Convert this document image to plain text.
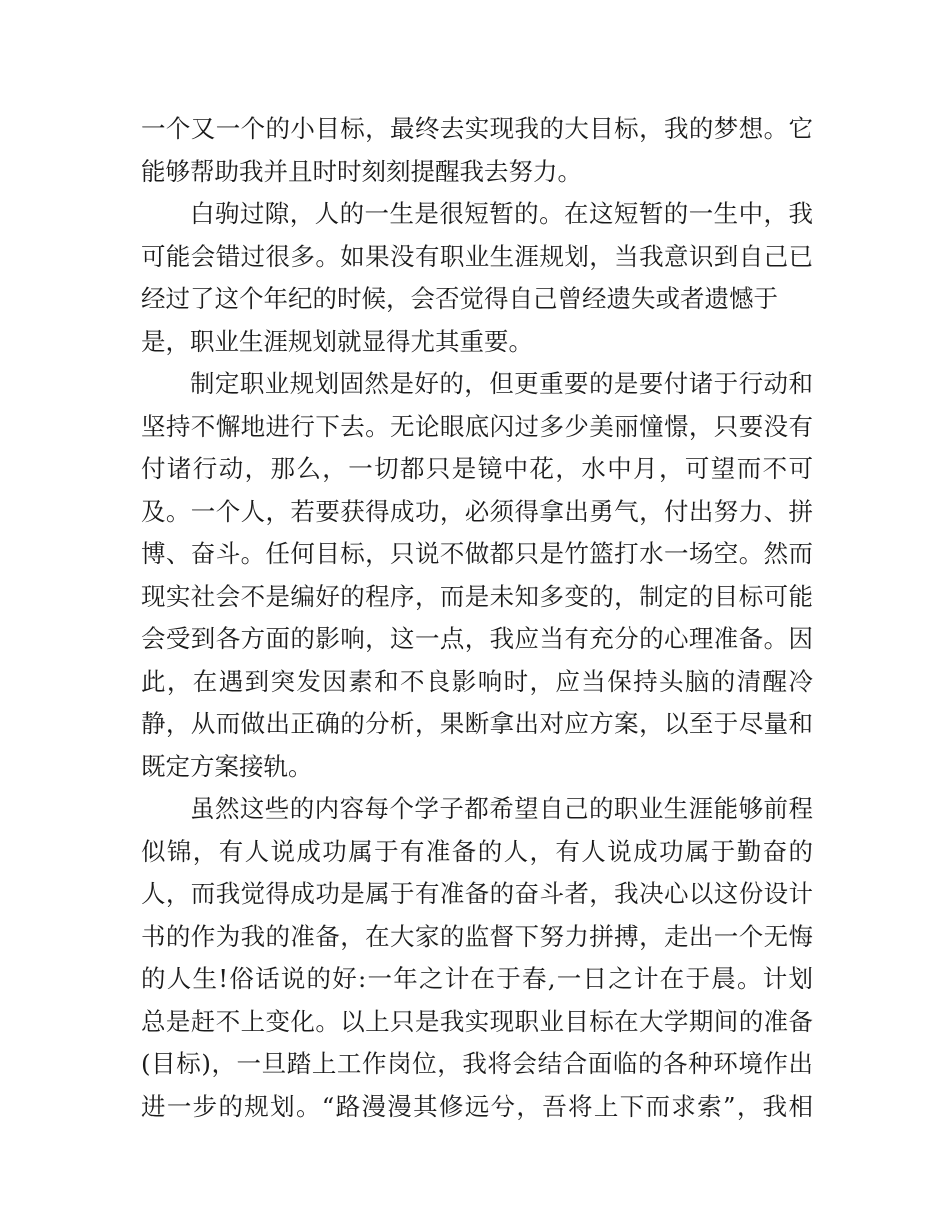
一个又一个的小目标，最终去实现我的大目标，我的梦想。它
能够帮助我并且时时刻刻提醒我去努力。
白驹过隙，人的一生是很短暂的。在这短暂的一生中，我
可能会错过很多。如果没有职业生涯规划，当我意识到自己已
经过了这个年纪的时候，会否觉得自己曾经遗失或者遗憾于
是，职业生涯规划就显得尤其重要。
制定职业规划固然是好的，但更重要的是要付诸于行动和
坚持不懈地进行下去。无论眼底闪过多少美丽憧憬，只要没有
付诸行动，那么，一切都只是镜中花，水中月，可望而不可
及。一个人，若要获得成功，必须得拿出勇气，付出努力、拼
博、奋斗。任何目标，只说不做都只是竹篮打水一场空。然而
现实社会不是编好的程序，而是未知多变的，制定的目标可能
会受到各方面的影响，这一点，我应当有充分的心理准备。因
此，在遇到突发因素和不良影响时，应当保持头脑的清醒冷
静，从而做出正确的分析，果断拿出对应方案，以至于尽量和
既定方案接轨。
虽然这些的内容每个学子都希望自己的职业生涯能够前程
似锦，有人说成功属于有准备的人，有人说成功属于勤奋的
人，而我觉得成功是属于有准备的奋斗者，我决心以这份设计
书的作为我的准备，在大家的监督下努力拼搏，走出一个无悔
的人生!俗话说的好:一年之计在于春,一日之计在于晨。计划
总是赶不上变化。以上只是我实现职业目标在大学期间的准备
(目标)，一旦踏上工作岗位，我将会结合面临的各种环境作出
进一步的规划。“路漫漫其修远兮，吾将上下而求索”，我相
